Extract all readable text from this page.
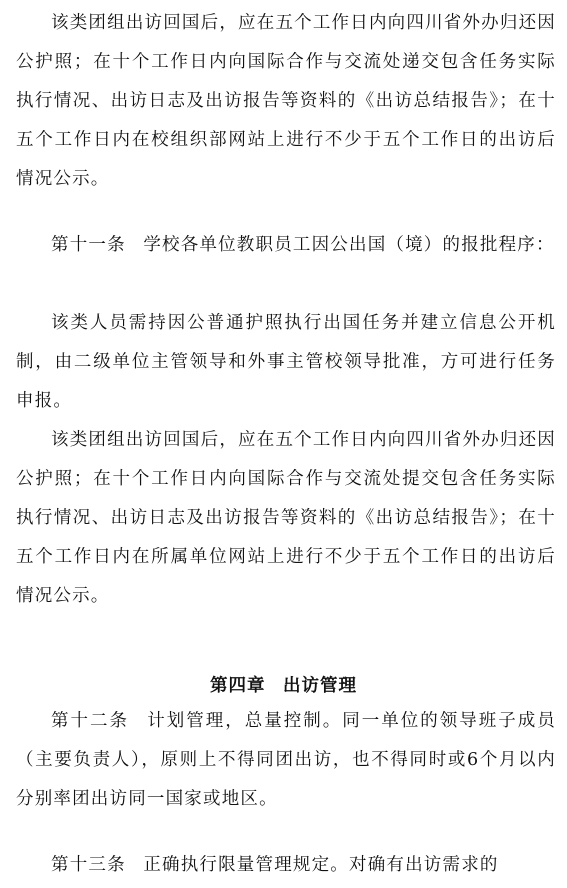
该类团组出访回国后，应在五个工作日内向四川省外办归还因公护照；在十个工作日内向国际合作与交流处递交包含任务实际执行情况、出访日志及出访报告等资料的《出访总结报告》；在十五个工作日内在校组织部网站上进行不少于五个工作日的出访后情况公示。

第十一条 学校各单位教职员工因公出国（境）的报批程序：

该类人员需持因公普通护照执行出国任务并建立信息公开机制，由二级单位主管领导和外事主管校领导批准，方可进行任务申报。

该类团组出访回国后，应在五个工作日内向四川省外办归还因公护照；在十个工作日内向国际合作与交流处提交包含任务实际执行情况、出访日志及出访报告等资料的《出访总结报告》；在十五个工作日内在所属单位网站上进行不少于五个工作日的出访后情况公示。

第四章 出访管理

第十二条 计划管理，总量控制。同一单位的领导班子成员（主要负责人），原则上不得同团出访，也不得同时或6个月以内分别率团出访同一国家或地区。

第十三条 正确执行限量管理规定。对确有出访需求的
